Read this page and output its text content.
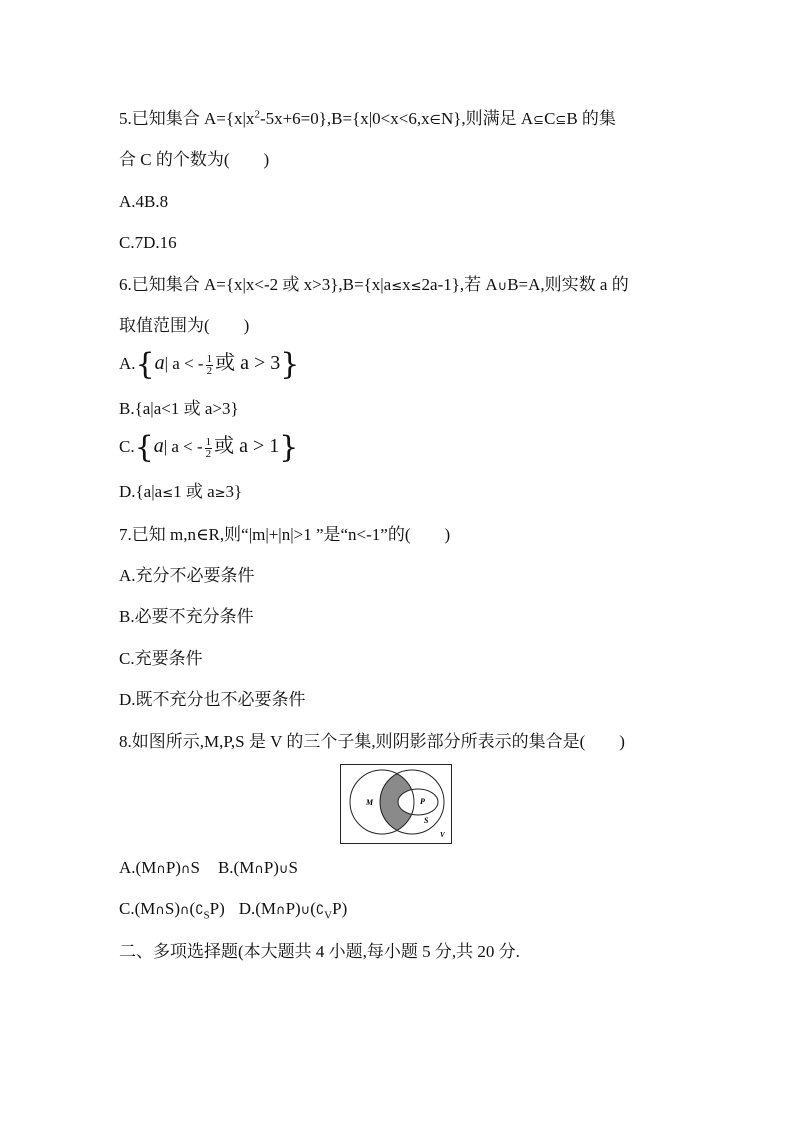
5.已知集合 $A=\{x|x^2-5x+6=0\},B=\{x|0<x<6,x\in N\}$,则满足 A⊆C⊆B 的集
合 C 的个数为(　　)
A.4B.8
C.7D.16
6.已知集合 A={x|x<-2 或 x>3},B={x|a≤x≤2a-1},若 A∪B=A,则实数 a 的
取值范围为(　　)
A.{a| a < - $\frac{1}{2}$ 或 a > 3}
B.{a|a<1 或 a>3}
C.{a| a < - $\frac{1}{2}$ 或 a > 1}
D.{a|a≤1 或 a≥3}
7.已知 m,n∈R,则“|m|+|n|>1 ”是“n<-1”的(　　)
A.充分不必要条件
B.必要不充分条件
C.充要条件
D.既不充分也不必要条件
8.如图所示,M,P,S 是 V 的三个子集,则阴影部分所表示的集合是(　　)
M	P
S
V
A.(M∩P)∩S B.(M∩P)∪S
$C.(M\cap S)\cap(∁_SP)$ $D.(M\cap P)\cup(∁_VP)$
二、多项选择题(本大题共 4 小题,每小题 5 分,共 20 分.
